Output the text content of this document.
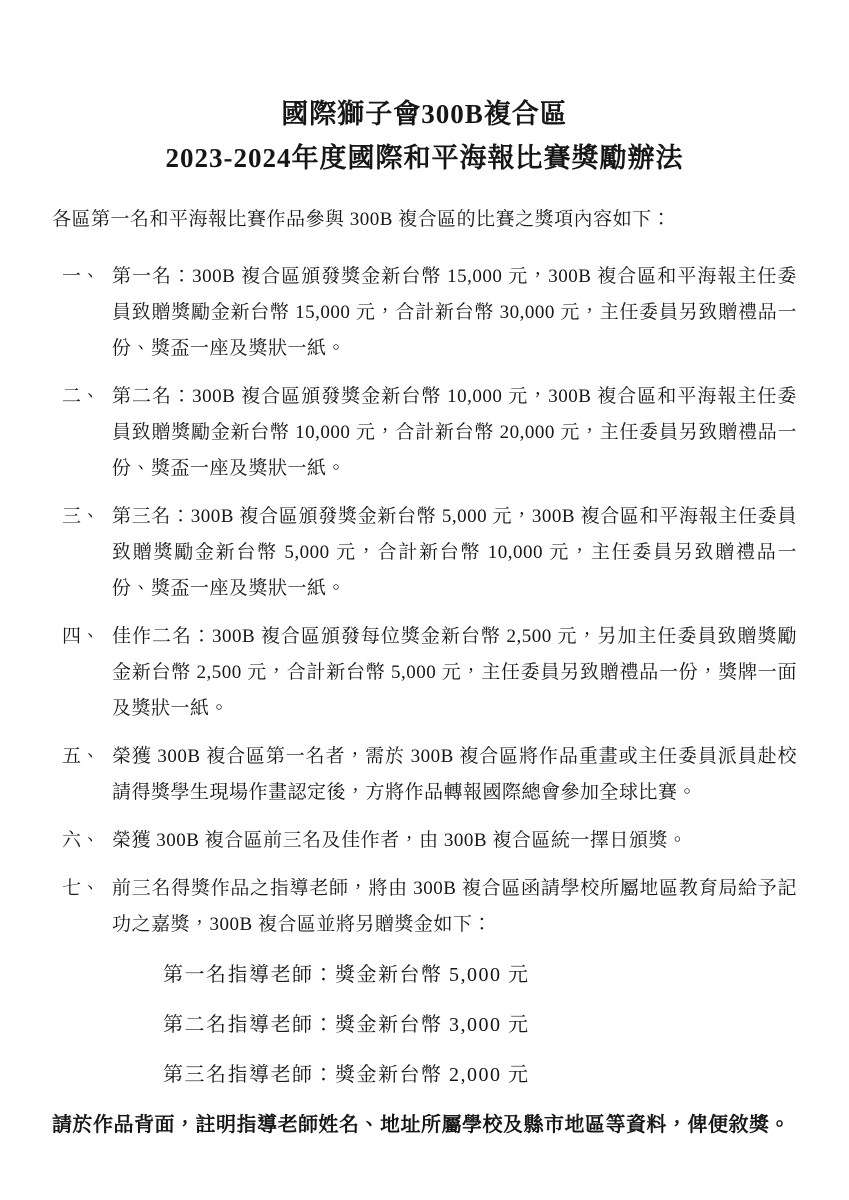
國際獅子會300B複合區
2023-2024年度國際和平海報比賽獎勵辦法

各區第一名和平海報比賽作品參與 300B 複合區的比賽之獎項內容如下：

一、 第一名：300B 複合區頒發獎金新台幣 15,000 元，300B 複合區和平海報主任委員致贈獎勵金新台幣 15,000 元，合計新台幣 30,000 元，主任委員另致贈禮品一份、獎盃一座及獎狀一紙。
二、 第二名：300B 複合區頒發獎金新台幣 10,000 元，300B 複合區和平海報主任委員致贈獎勵金新台幣 10,000 元，合計新台幣 20,000 元，主任委員另致贈禮品一份、獎盃一座及獎狀一紙。
三、 第三名：300B 複合區頒發獎金新台幣 5,000 元，300B 複合區和平海報主任委員致贈獎勵金新台幣 5,000 元，合計新台幣 10,000 元，主任委員另致贈禮品一份、獎盃一座及獎狀一紙。
四、 佳作二名：300B 複合區頒發每位獎金新台幣 2,500 元，另加主任委員致贈獎勵金新台幣 2,500 元，合計新台幣 5,000 元，主任委員另致贈禮品一份，獎牌一面及獎狀一紙。
五、 榮獲 300B 複合區第一名者，需於 300B 複合區將作品重畫或主任委員派員赴校請得獎學生現場作畫認定後，方將作品轉報國際總會參加全球比賽。
六、 榮獲 300B 複合區前三名及佳作者，由 300B 複合區統一擇日頒獎。
七、 前三名得獎作品之指導老師，將由 300B 複合區函請學校所屬地區教育局給予記功之嘉獎，300B 複合區並將另贈獎金如下：
第一名指導老師：獎金新台幣 5,000 元
第二名指導老師：獎金新台幣 3,000 元
第三名指導老師：獎金新台幣 2,000 元

請於作品背面，註明指導老師姓名、地址所屬學校及縣市地區等資料，俾便敘獎。
